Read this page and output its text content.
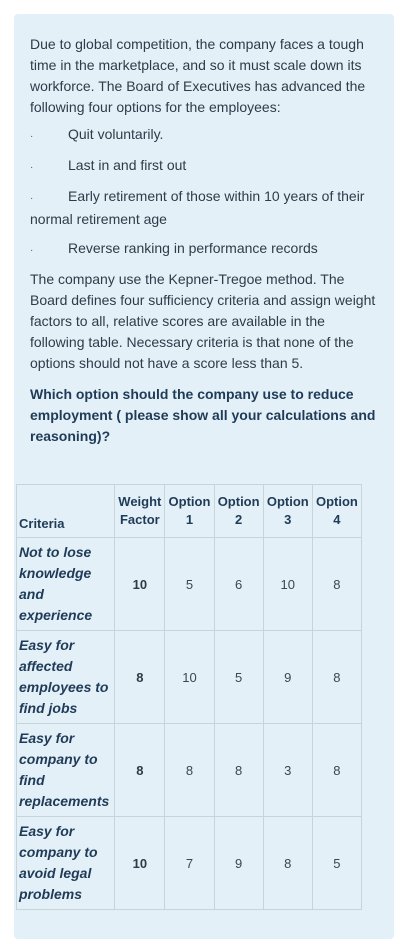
Due to global competition, the company faces a tough time in the marketplace, and so it must scale down its workforce. The Board of Executives has advanced the following four options for the employees:

· Quit voluntarily.
· Last in and first out
· Early retirement of those within 10 years of their normal retirement age
· Reverse ranking in performance records

The company use the Kepner-Tregoe method. The Board defines four sufficiency criteria and assign weight factors to all, relative scores are available in the following table. Necessary criteria is that none of the options should not have a score less than 5.

Which option should the company use to reduce employment ( please show all your calculations and reasoning)?

Criteria	Weight Factor	Option 1	Option 2	Option 3	Option 4
Not to lose knowledge and experience	10	5	6	10	8
Easy for affected employees to find jobs	8	10	5	9	8
Easy for company to find replacements	8	8	8	3	8
Easy for company to avoid legal problems	10	7	9	8	5
